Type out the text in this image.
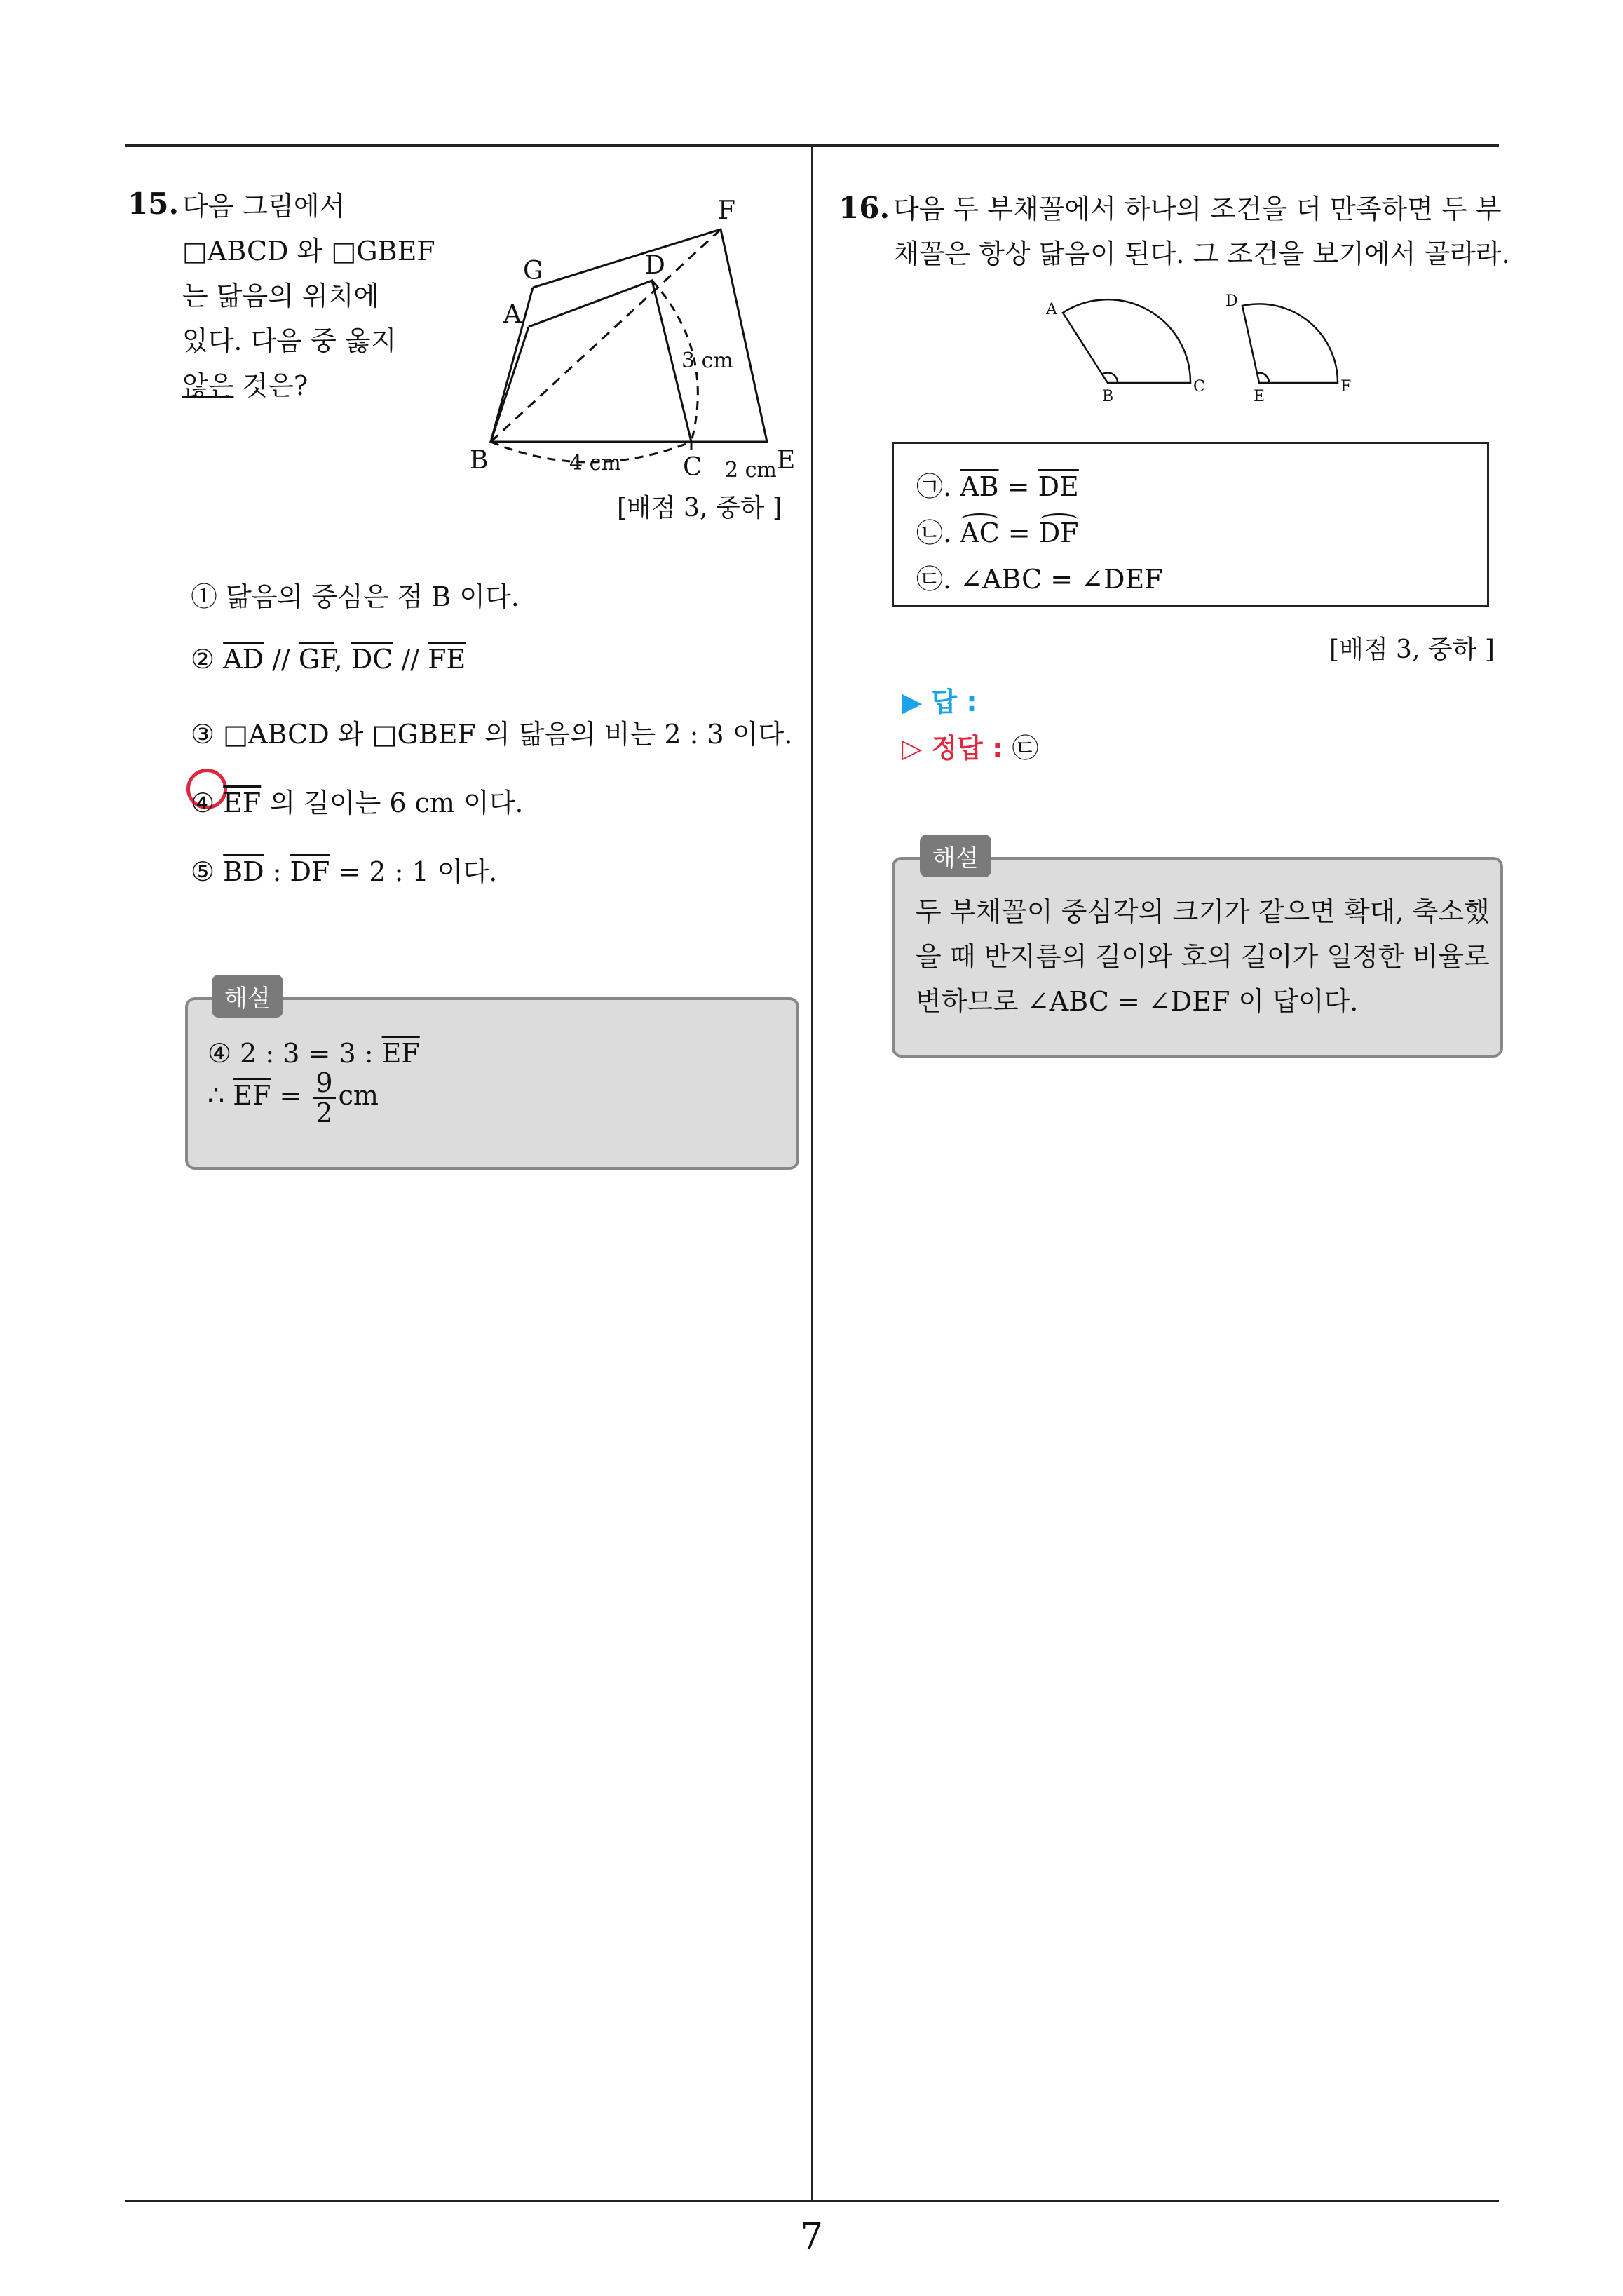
7
15. 다음 그림에서
□ABCD 와 □GBEF
는 닮음의 위치에
있다. 다음 중 옳지
않은 것은?
F
G	D
A
B	C	E
3 cm
4 cm	2 cm
[배점 3, 중하 ]
① 닮음의 중심은 점 B 이다.
② $\overline{AD} // \overline{GF}$, $\overline{DC} // \overline{FE}$
③ □ABCD 와 □GBEF 의 닮음의 비는 2 : 3 이다.
④ $\overline{EF}$ 의 길이는 6 cm 이다.
⑤ $\overline{BD}$ : $\overline{DF} = 2$ : 1 이다.
해설
④ 2 : 3 = 3 : $\overline{EF}$
∴ $\overline{EF} = \frac{9}{2}$ cm
16. 다음 두 부채꼴에서 하나의 조건을 더 만족하면 두 부
채꼴은 항상 닮음이 된다. 그 조건을 보기에서 골라라.
A
B
C
D
E
F
㉠. $\overline{AB} = \overline{DE}$
㉡. AC = DF
㉢. ∠ABC = ∠DEF
[배점 3, 중하 ]
▶ 답 :
▷ 정답 : ㉢
해설
두 부채꼴이 중심각의 크기가 같으면 확대, 축소했
을 때 반지름의 길이와 호의 길이가 일정한 비율로
변하므로 ∠ABC = ∠DEF 이 답이다.
